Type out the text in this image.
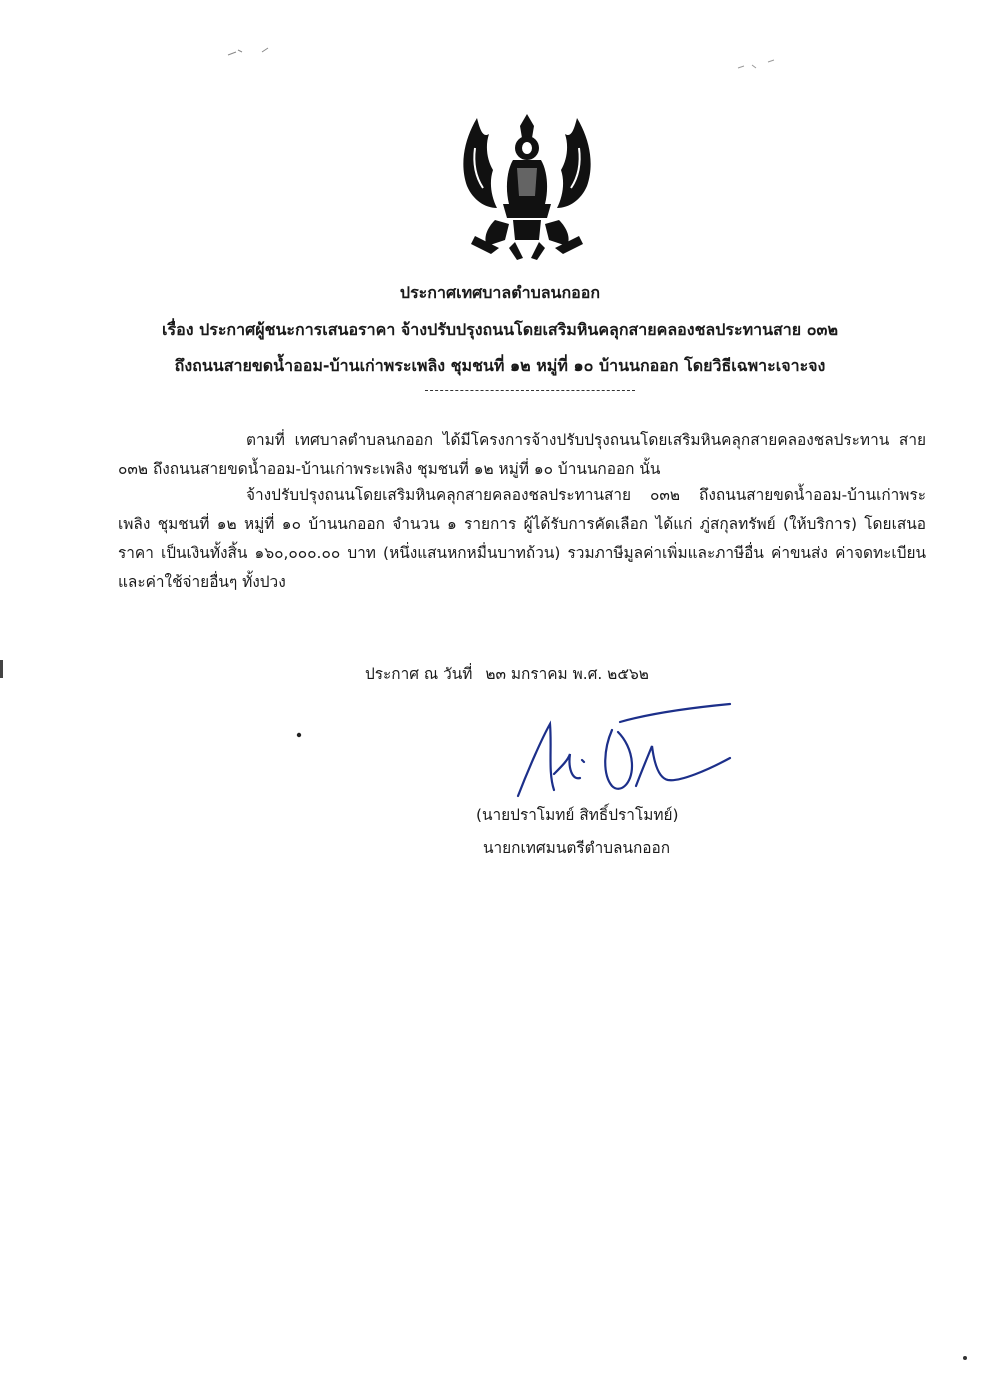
ประกาศเทศบาลตำบลนกออก
เรื่อง ประกาศผู้ชนะการเสนอราคา จ้างปรับปรุงถนนโดยเสริมหินคลุกสายคลองชลประทานสาย ๐๓๒
ถึงถนนสายขดน้ำออม-บ้านเก่าพระเพลิง ชุมชนที่ ๑๒ หมู่ที่ ๑๐ บ้านนกออก โดยวิธีเฉพาะเจาะจง
ตามที่ เทศบาลตำบลนกออก ได้มีโครงการจ้างปรับปรุงถนนโดยเสริมหินคลุกสายคลองชลประทาน สาย ๐๓๒ ถึงถนนสายขดน้ำออม-บ้านเก่าพระเพลิง ชุมชนที่ ๑๒ หมู่ที่ ๑๐ บ้านนกออก นั้น
จ้างปรับปรุงถนนโดยเสริมหินคลุกสายคลองชลประทานสาย ๐๓๒ ถึงถนนสายขดน้ำออม-บ้านเก่าพระเพลิง ชุมชนที่ ๑๒ หมู่ที่ ๑๐ บ้านนกออก จำนวน ๑ รายการ ผู้ได้รับการคัดเลือก ได้แก่ ภู่สกุลทรัพย์ (ให้บริการ) โดยเสนอราคา เป็นเงินทั้งสิ้น ๑๖๐,๐๐๐.๐๐ บาท (หนึ่งแสนหกหมื่นบาทถ้วน) รวมภาษีมูลค่าเพิ่มและภาษีอื่น ค่าขนส่ง ค่าจดทะเบียน และค่าใช้จ่ายอื่นๆ ทั้งปวง
ประกาศ ณ วันที่ ๒๓ มกราคม พ.ศ. ๒๕๖๒
(นายปราโมทย์ สิทธิ์ปราโมทย์)
นายกเทศมนตรีตำบลนกออก
